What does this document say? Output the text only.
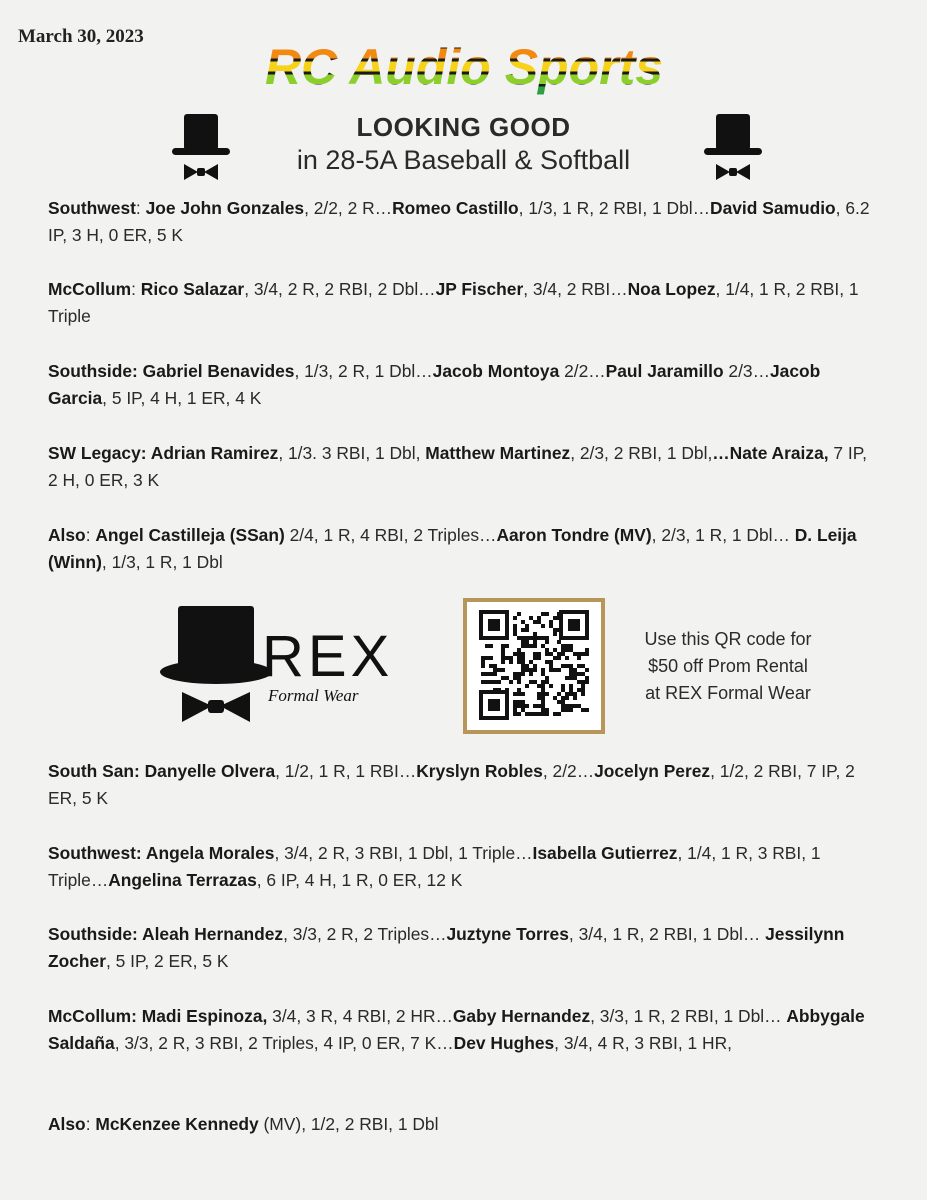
March 30, 2023
RC Audio Sports
LOOKING GOOD
in 28-5A Baseball & Softball
Southwest: Joe John Gonzales, 2/2, 2 R…Romeo Castillo, 1/3, 1 R, 2 RBI, 1 Dbl…David Samudio, 6.2 IP, 3 H, 0 ER, 5 K
McCollum: Rico Salazar, 3/4, 2 R, 2 RBI, 2 Dbl…JP Fischer, 3/4, 2 RBI…Noa Lopez, 1/4, 1 R, 2 RBI, 1 Triple
Southside: Gabriel Benavides, 1/3, 2 R, 1 Dbl…Jacob Montoya 2/2…Paul Jaramillo 2/3…Jacob Garcia, 5 IP, 4 H, 1 ER, 4 K
SW Legacy: Adrian Ramirez, 1/3. 3 RBI, 1 Dbl, Matthew Martinez, 2/3, 2 RBI, 1 Dbl,…Nate Araiza, 7 IP, 2 H, 0 ER, 3 K
Also: Angel Castilleja (SSan) 2/4, 1 R, 4 RBI, 2 Triples…Aaron Tondre (MV), 2/3, 1 R, 1 Dbl… D. Leija (Winn), 1/3, 1 R, 1 Dbl
REX
Formal Wear
Use this QR code for
$50 off Prom Rental
at REX Formal Wear
South San: Danyelle Olvera, 1/2, 1 R, 1 RBI…Kryslyn Robles, 2/2…Jocelyn Perez, 1/2, 2 RBI, 7 IP, 2 ER, 5 K
Southwest: Angela Morales, 3/4, 2 R, 3 RBI, 1 Dbl, 1 Triple…Isabella Gutierrez, 1/4, 1 R, 3 RBI, 1 Triple…Angelina Terrazas, 6 IP, 4 H, 1 R, 0 ER, 12 K
Southside: Aleah Hernandez, 3/3, 2 R, 2 Triples…Juztyne Torres, 3/4, 1 R, 2 RBI, 1 Dbl… Jessilynn Zocher, 5 IP, 2 ER, 5 K
McCollum: Madi Espinoza, 3/4, 3 R, 4 RBI, 2 HR…Gaby Hernandez, 3/3, 1 R, 2 RBI, 1 Dbl… Abbygale Saldaña, 3/3, 2 R, 3 RBI, 2 Triples, 4 IP, 0 ER, 7 K…Dev Hughes, 3/4, 4 R, 3 RBI, 1 HR,
Also: McKenzee Kennedy (MV), 1/2, 2 RBI, 1 Dbl
